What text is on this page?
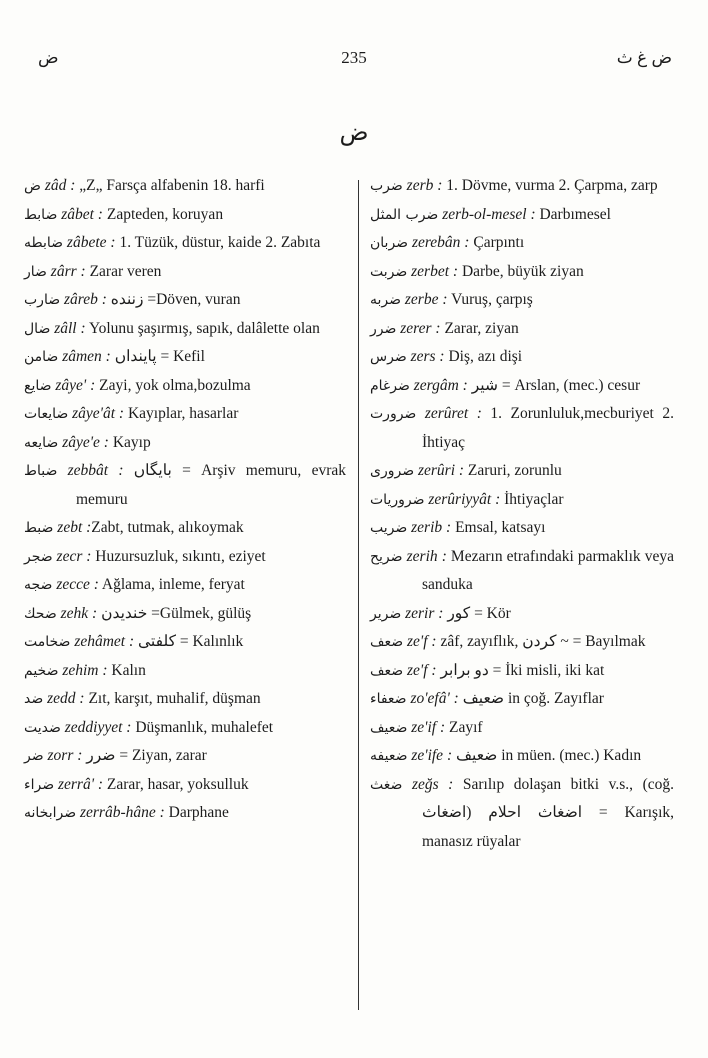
ض	235	ض غ ث
ض
ض zâd : „Z„ Farsça alfabenin 18. harfi
ضابط zâbet : Zapteden, koruyan
ضابطه zâbete : 1. Tüzük, düstur, kaide 2. Zabıta
ضار zârr : Zarar veren
ضارب zâreb : زننده =Döven, vuran
ضال zâll : Yolunu şaşırmış, sapık, dalâlette olan
ضامن zâmen : پاينداں = Kefil
ضايع zâye' : Zayi, yok olma,bozulma
ضايعات zâye'ât : Kayıplar, hasarlar
ضايعه zâye'e : Kayıp
ضباط zebbât : بايگاں = Arşiv memuru, evrak memuru
ضبط zebt :Zabt, tutmak, alıkoymak
ضجر zecr : Huzursuzluk, sıkıntı, eziyet
ضجه zecce : Ağlama, inleme, feryat
ضحك zehk : خنديدن =Gülmek, gülüş
ضخامت zehâmet : كلفتى = Kalınlık
ضخيم zehim : Kalın
ضد zedd : Zıt, karşıt, muhalif, düşman
ضديت zeddiyyet : Düşmanlık, muhalefet
ضر zorr : ضرر = Ziyan, zarar
ضراء zerrâ' : Zarar, hasar, yoksulluk
ضرابخانه zerrâb-hâne : Darphane
ضرب zerb : 1. Dövme, vurma 2. Çarpma, zarp
ضرب المثل zerb-ol-mesel : Darbımesel
ضربان zerebân : Çarpıntı
ضربت zerbet : Darbe, büyük ziyan
ضربه zerbe : Vuruş, çarpış
ضرر zerer : Zarar, ziyan
ضرس zers : Diş, azı dişi
ضرغام zergâm : شير = Arslan, (mec.) cesur
ضرورت zerûret : 1. Zorunluluk,mecburiyet 2. İhtiyaç
ضرورى zerûri : Zaruri, zorunlu
ضروريات zerûriyyât : İhtiyaçlar
ضريب zerib : Emsal, katsayı
ضريح zerih : Mezarın etrafındaki parmaklık veya sanduka
ضرير zerir : كور = Kör
ضعف ze'f : zâf, zayıflık, كردن ~ = Bayılmak
ضعف ze'f : دو برابر = İki misli, iki kat
ضعفاء zo'efâ' : ضعيف in çoğ. Zayıflar
ضعيف ze'if : Zayıf
ضعيفه ze'ife : ضعيف in müen. (mec.) Kadın
ضغث zeğs : Sarılıp dolaşan bitki v.s., (coğ. اضغاث) اضغاث احلام = Karışık, manasız rüyalar
